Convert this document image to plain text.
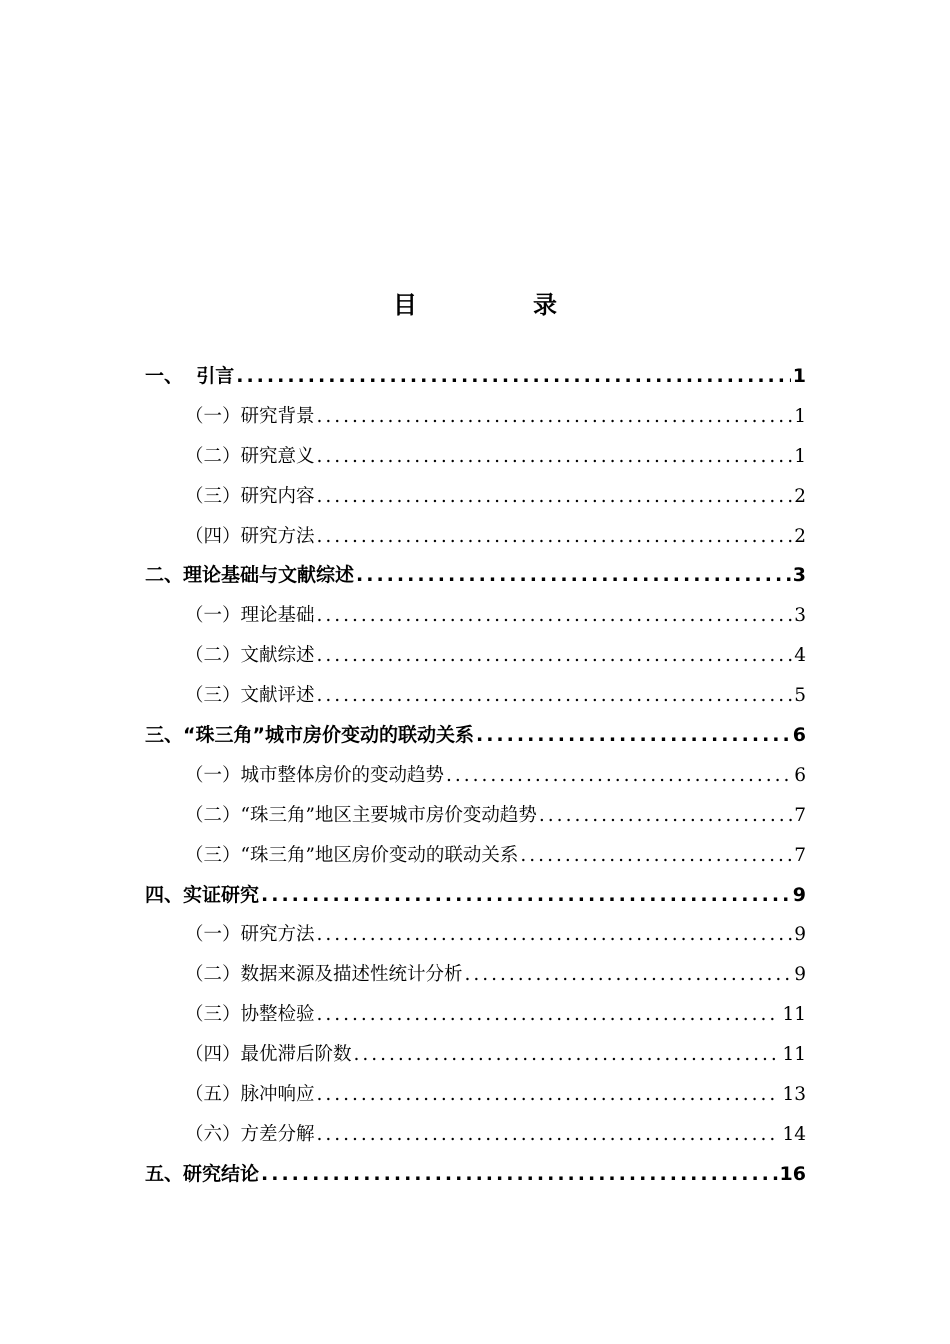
目　录
一、  引言 .....	1
（一）研究背景 .....	1
（二）研究意义 .....	1
（三）研究内容 .....	2
（四）研究方法 .....	2
二、理论基础与文献综述 .....	3
（一）理论基础 .....	3
（二）文献综述 .....	4
（三）文献评述 .....	5
三、“珠三角”城市房价变动的联动关系 .....	6
（一）城市整体房价的变动趋势 .....	6
（二）“珠三角”地区主要城市房价变动趋势 .....	7
（三）“珠三角”地区房价变动的联动关系 .....	7
四、实证研究 .....	9
（一）研究方法 .....	9
（二）数据来源及描述性统计分析 .....	9
（三）协整检验 .....	11
（四）最优滞后阶数 .....	11
（五）脉冲响应 .....	13
（六）方差分解 .....	14
五、研究结论 .....	16
